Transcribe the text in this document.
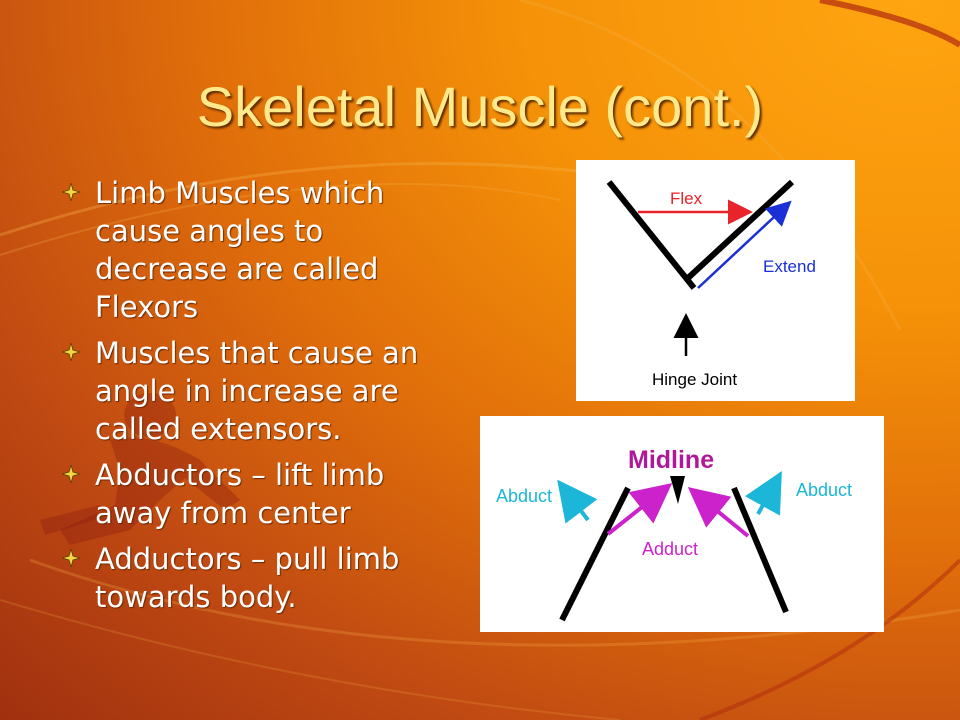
Skeletal Muscle (cont.)
Limb Muscles which cause angles to decrease are called Flexors
Muscles that cause an angle in increase are called extensors.
Abductors – lift limb away from center
Adductors – pull limb towards body.
Flex
Extend
Hinge Joint
Midline
Abduct	Abduct
Adduct
